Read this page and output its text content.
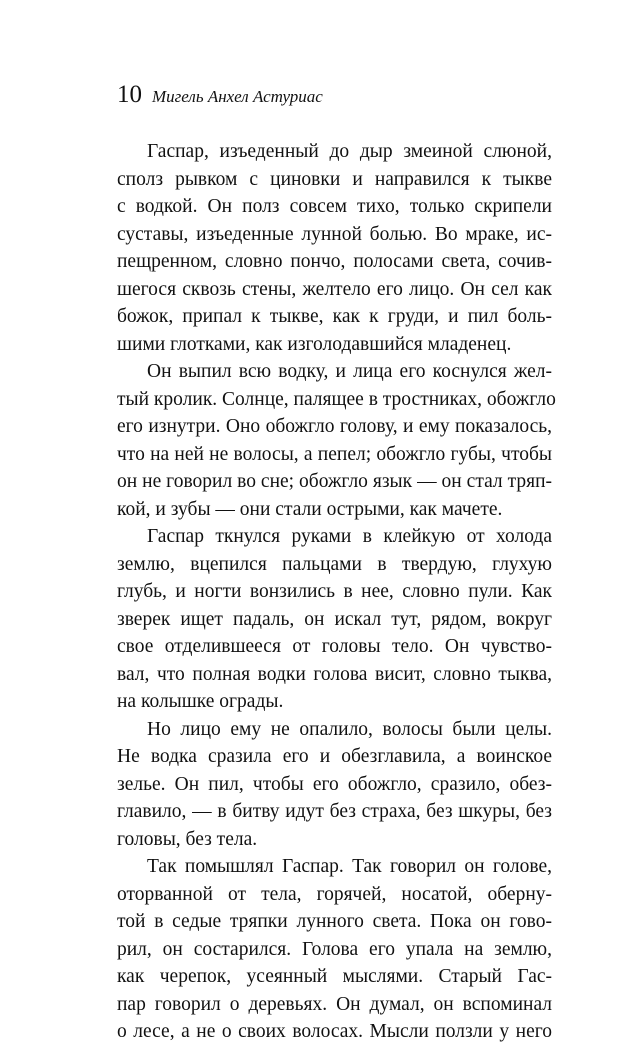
10 Мигель Анхел Астуриас
Гаспар, изъеденный до дыр змеиной слюной,
сполз рывком с циновки и направился к тыкве
с водкой. Он полз совсем тихо, только скрипели
суставы, изъеденные лунной болью. Во мраке, ис-
пещренном, словно пончо, полосами света, сочив-
шегося сквозь стены, желтело его лицо. Он сел как
божок, припал к тыкве, как к груди, и пил боль-
шими глотками, как изголодавшийся младенец.
Он выпил всю водку, и лица его коснулся жел-
тый кролик. Солнце, палящее в тростниках, обожгло
его изнутри. Оно обожгло голову, и ему показалось,
что на ней не волосы, а пепел; обожгло губы, чтобы
он не говорил во сне; обожгло язык — он стал тряп-
кой, и зубы — они стали острыми, как мачете.
Гаспар ткнулся руками в клейкую от холода
землю, вцепился пальцами в твердую, глухую
глубь, и ногти вонзились в нее, словно пули. Как
зверек ищет падаль, он искал тут, рядом, вокруг
свое отделившееся от головы тело. Он чувство-
вал, что полная водки голова висит, словно тыква,
на колышке ограды.
Но лицо ему не опалило, волосы были целы.
Не водка сразила его и обезглавила, а воинское
зелье. Он пил, чтобы его обожгло, сразило, обез-
главило, — в битву идут без страха, без шкуры, без
головы, без тела.
Так помышлял Гаспар. Так говорил он голове,
оторванной от тела, горячей, носатой, оберну-
той в седые тряпки лунного света. Пока он гово-
рил, он состарился. Голова его упала на землю,
как черепок, усеянный мыслями. Старый Гас-
пар говорил о деревьях. Он думал, он вспоминал
о лесе, а не о своих волосах. Мысли ползли у него
